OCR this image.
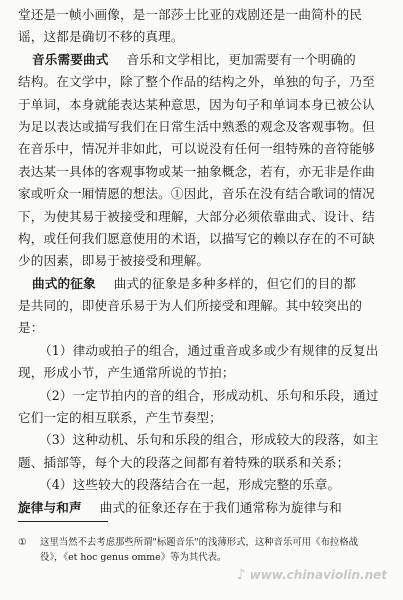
堂还是一帧小画像，是一部莎士比亚的戏剧还是一曲简朴的民
谣，这都是确切不移的真理。
音乐需要曲式 音乐和文学相比，更加需要有一个明确的
结构。在文学中，除了整个作品的结构之外，单独的句子，乃至
于单词，本身就能表达某种意思，因为句子和单词本身已被公认
为足以表达或描写我们在日常生活中熟悉的观念及客观事物。但
在音乐中，情况并非如此，可以说没有任何一组特殊的音符能够
表达某一具体的客观事物或某一抽象概念，若有，亦无非是作曲
家或听众一厢情愿的想法。①因此，音乐在没有结合歌词的情况
下，为使其易于被接受和理解，大部分必须依靠曲式、设计、结
构，或任何我们愿意使用的术语，以描写它的赖以存在的不可缺
少的因素，即易于被接受和理解。
曲式的征象 曲式的征象是多种多样的，但它们的目的都
是共同的，即使音乐易于为人们所接受和理解。其中较突出的
是：
（1）律动或拍子的组合，通过重音或多或少有规律的反复出
现，形成小节，产生通常所说的节拍；
（2）一定节拍内的音的组合，形成动机、乐句和乐段，通过
它们一定的相互联系，产生节奏型；
（3）这种动机、乐句和乐段的组合，形成较大的段落，如主
题、插部等，每个大的段落之间都有着特殊的联系和关系；
（4）这些较大的段落结合在一起，形成完整的乐章。
旋律与和声 曲式的征象还存在于我们通常称为旋律与和
① 这里当然不去考虑那些所谓"标题音乐"的浅薄形式，这种音乐可用《布拉格战
役》，《et hoc genus omme》等为其代表。
♪ www.chinaviolin.net
